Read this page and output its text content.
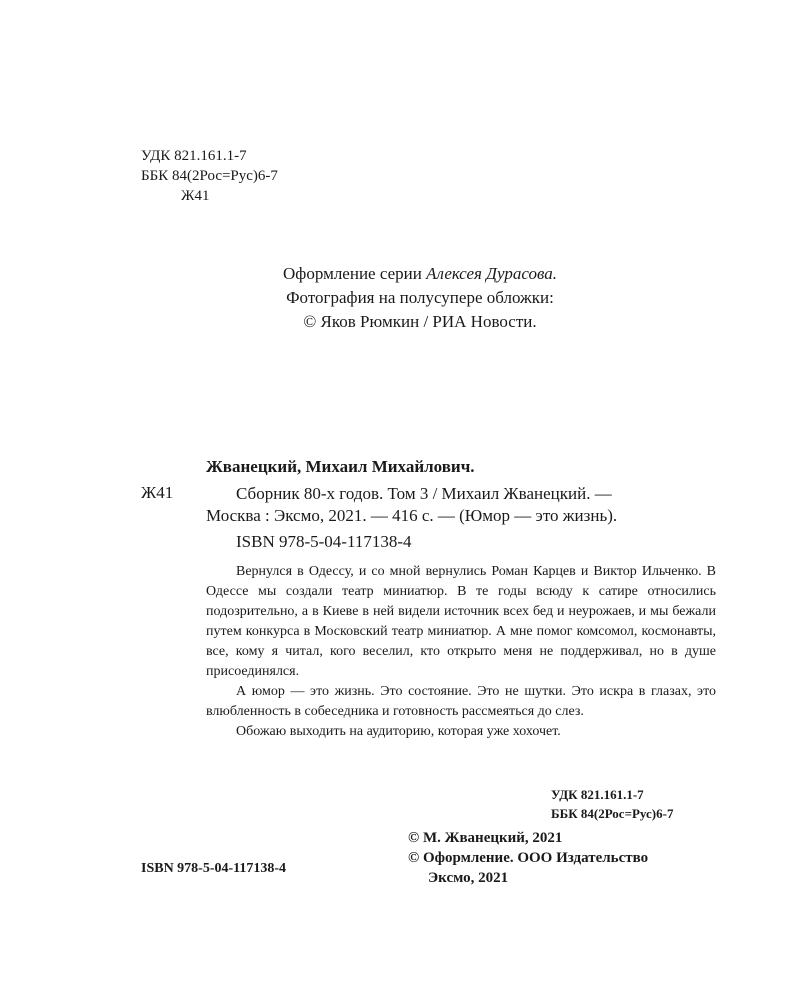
УДК 821.161.1-7
ББК 84(2Рос=Рус)6-7
Ж41
Оформление серии Алексея Дурасова.
Фотография на полусупере обложки:
© Яков Рюмкин / РИА Новости.
Жванецкий, Михаил Михайлович.
Ж41	Сборник 80-х годов. Том 3 / Михаил Жванецкий. —
Москва : Эксмо, 2021. — 416 с. — (Юмор — это жизнь).
ISBN 978-5-04-117138-4

Вернулся в Одессу, и со мной вернулись Роман Карцев и Виктор Ильченко. В Одессе мы создали театр миниатюр. В те годы всюду к сатире относились подозрительно, а в Киеве в ней видели источник всех бед и неурожаев, и мы бежали путем конкурса в Московский театр миниатюр. А мне помог комсомол, космонавты, все, кому я читал, кого веселил, кто открыто меня не поддерживал, но в душе присоединялся.

А юмор — это жизнь. Это состояние. Это не шутки. Это искра в глазах, это влюбленность в собеседника и готовность рассмеяться до слез.

Обожаю выходить на аудиторию, которая уже хохочет.

УДК 821.161.1-7
ББК 84(2Рос=Рус)6-7
ISBN 978-5-04-117138-4
© М. Жванецкий, 2021
© Оформление. ООО Издательство
Эксмо, 2021
